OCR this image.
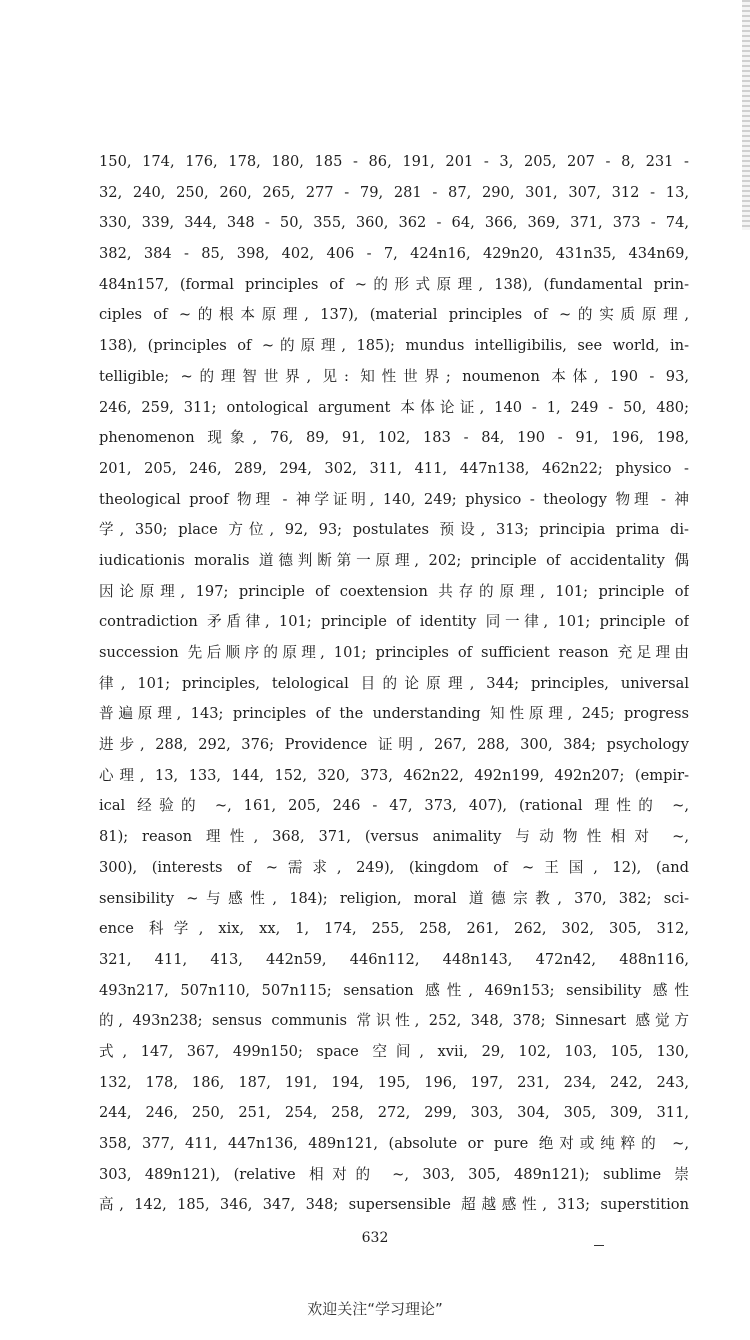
150, 174, 176, 178, 180, 185 - 86, 191, 201 - 3, 205, 207 - 8, 231 -
32, 240, 250, 260, 265, 277 - 79, 281 - 87, 290, 301, 307, 312 - 13,
330, 339, 344, 348 - 50, 355, 360, 362 - 64, 366, 369, 371, 373 - 74,
382, 384 - 85, 398, 402, 406 - 7, 424n16, 429n20, 431n35, 434n69,
484n157, (formal principles of ~的形式原理, 138), (fundamental prin-
ciples of ~的根本原理, 137), (material principles of ~的实质原理,
138), (principles of ~的原理, 185); mundus intelligibilis, see world, in-
telligible; ~的理智世界, 见: 知性世界; noumenon 本体, 190 - 93,
246, 259, 311; ontological argument 本体论证, 140 - 1, 249 - 50, 480;
phenomenon 现象, 76, 89, 91, 102, 183 - 84, 190 - 91, 196, 198,
201, 205, 246, 289, 294, 302, 311, 411, 447n138, 462n22; physico -
theological proof 物理 - 神学证明, 140, 249; physico - theology 物理 - 神
学, 350; place 方位, 92, 93; postulates 预设, 313; principia prima di-
iudicationis moralis 道德判断第一原理, 202; principle of accidentality 偶
因论原理, 197; principle of coextension 共存的原理, 101; principle of
contradiction 矛盾律, 101; principle of identity 同一律, 101; principle of
succession 先后顺序的原理, 101; principles of sufficient reason 充足理由
律, 101; principles, telological 目的论原理, 344; principles, universal
普遍原理, 143; principles of the understanding 知性原理, 245; progress
进步, 288, 292, 376; Providence 证明, 267, 288, 300, 384; psychology
心理, 13, 133, 144, 152, 320, 373, 462n22, 492n199, 492n207; (empir-
ical 经验的 ~, 161, 205, 246 - 47, 373, 407), (rational 理性的 ~,
81); reason 理性, 368, 371, (versus animality 与动物性相对 ~,
300), (interests of ~需求, 249), (kingdom of ~王国, 12), (and
sensibility ~与感性, 184); religion, moral 道德宗教, 370, 382; sci-
ence 科学, xix, xx, 1, 174, 255, 258, 261, 262, 302, 305, 312,
321, 411, 413, 442n59, 446n112, 448n143, 472n42, 488n116,
493n217, 507n110, 507n115; sensation 感性, 469n153; sensibility 感性
的, 493n238; sensus communis 常识性, 252, 348, 378; Sinnesart 感觉方
式, 147, 367, 499n150; space 空间, xvii, 29, 102, 103, 105, 130,
132, 178, 186, 187, 191, 194, 195, 196, 197, 231, 234, 242, 243,
244, 246, 250, 251, 254, 258, 272, 299, 303, 304, 305, 309, 311,
358, 377, 411, 447n136, 489n121, (absolute or pure 绝对或纯粹的 ~,
303, 489n121), (relative 相对的 ~, 303, 305, 489n121); sublime 崇
高, 142, 185, 346, 347, 348; supersensible 超越感性, 313; superstition
632
欢迎关注“学习理论”
